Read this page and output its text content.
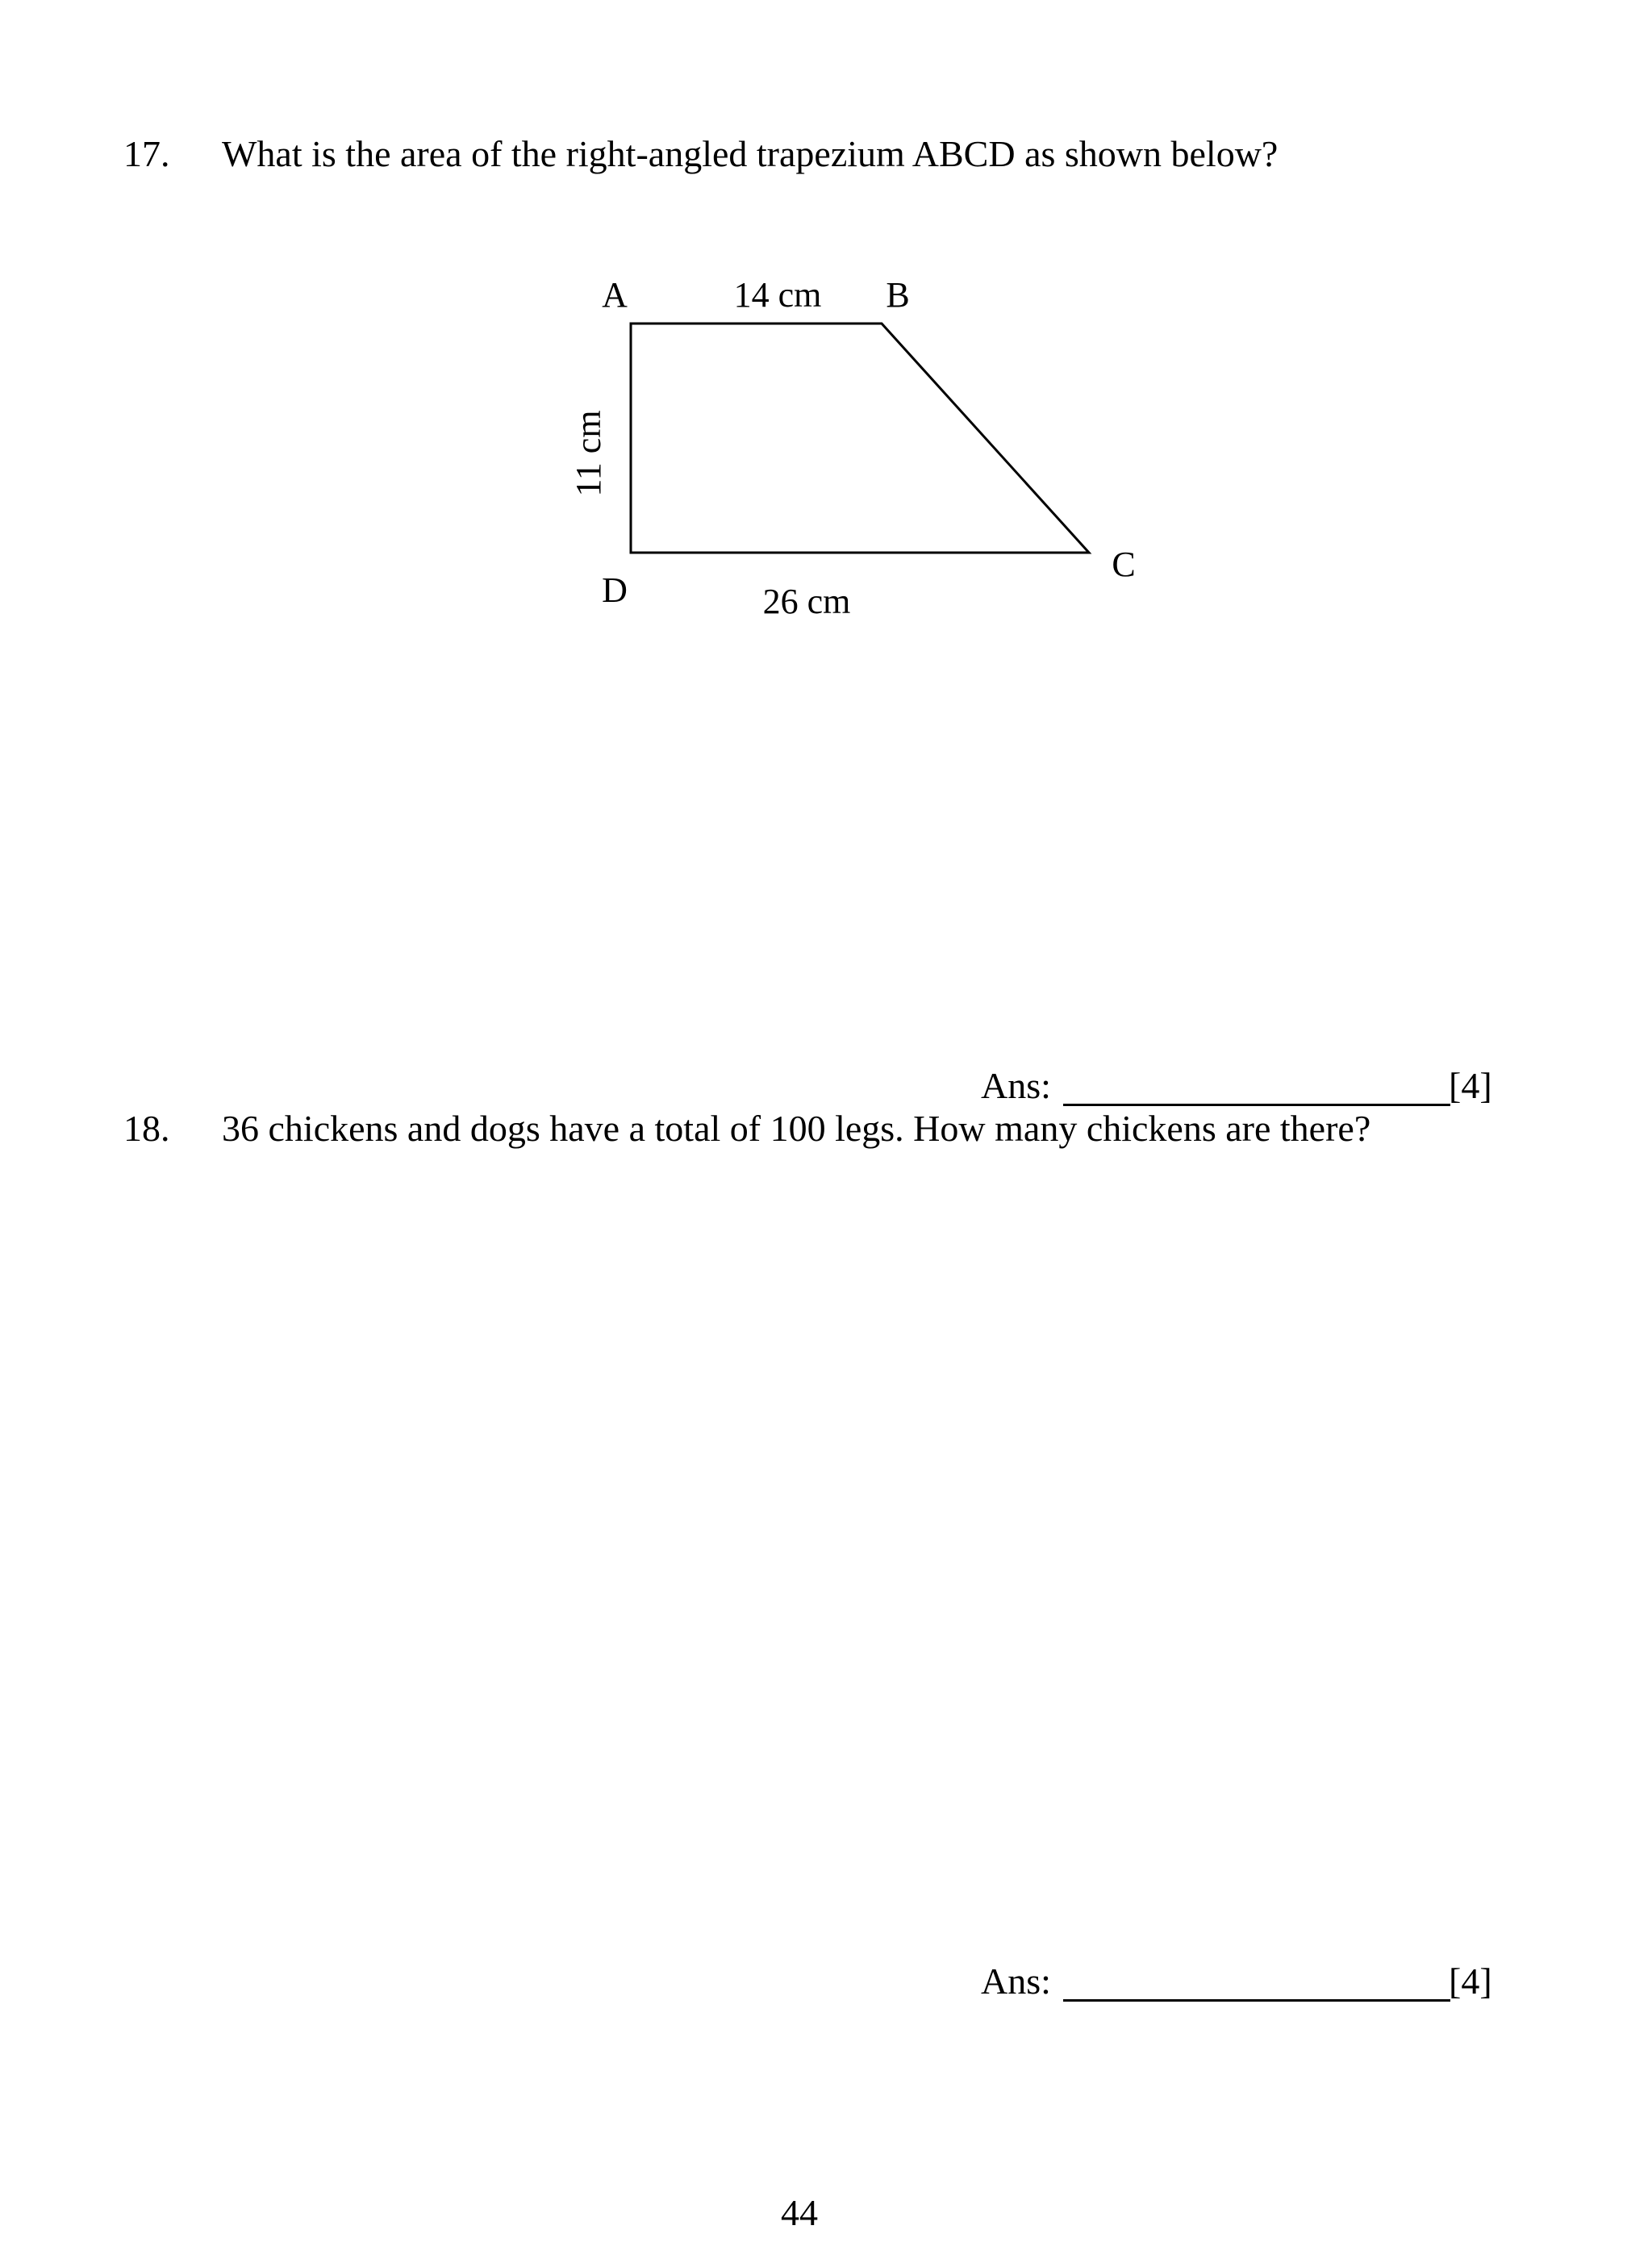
17. What is the area of the right-angled trapezium ABCD as shown below?
A	B
C
D
14 cm
26 cm
11 cm
Ans:	[4]
18. 36 chickens and dogs have a total of 100 legs. How many chickens are there?
Ans:	[4]
44
